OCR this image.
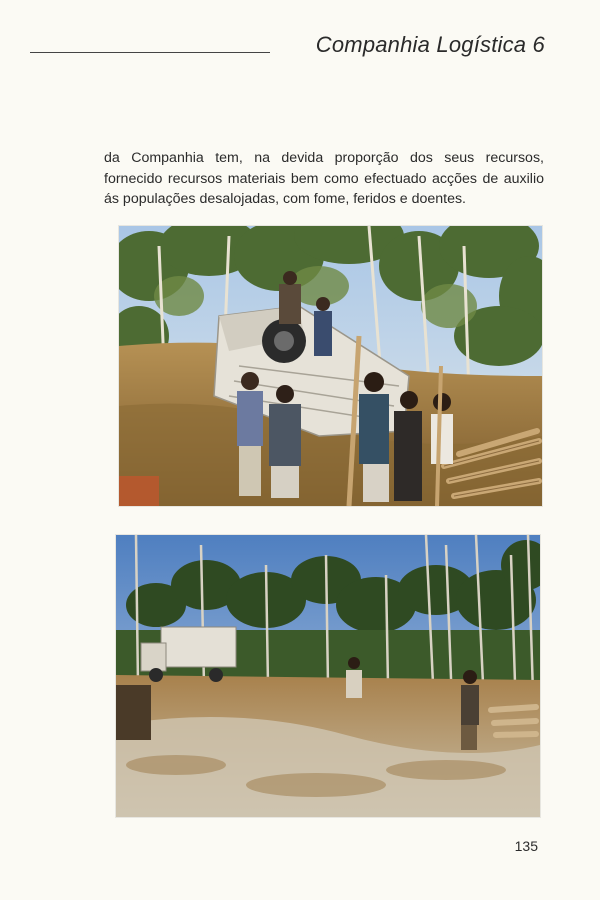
Companhia Logística 6
da Companhia tem, na devida proporção dos seus recursos, fornecido recursos materiais bem como efectuado acções de auxilio ás populações desalojadas, com fome, feridos e doentes.
135
